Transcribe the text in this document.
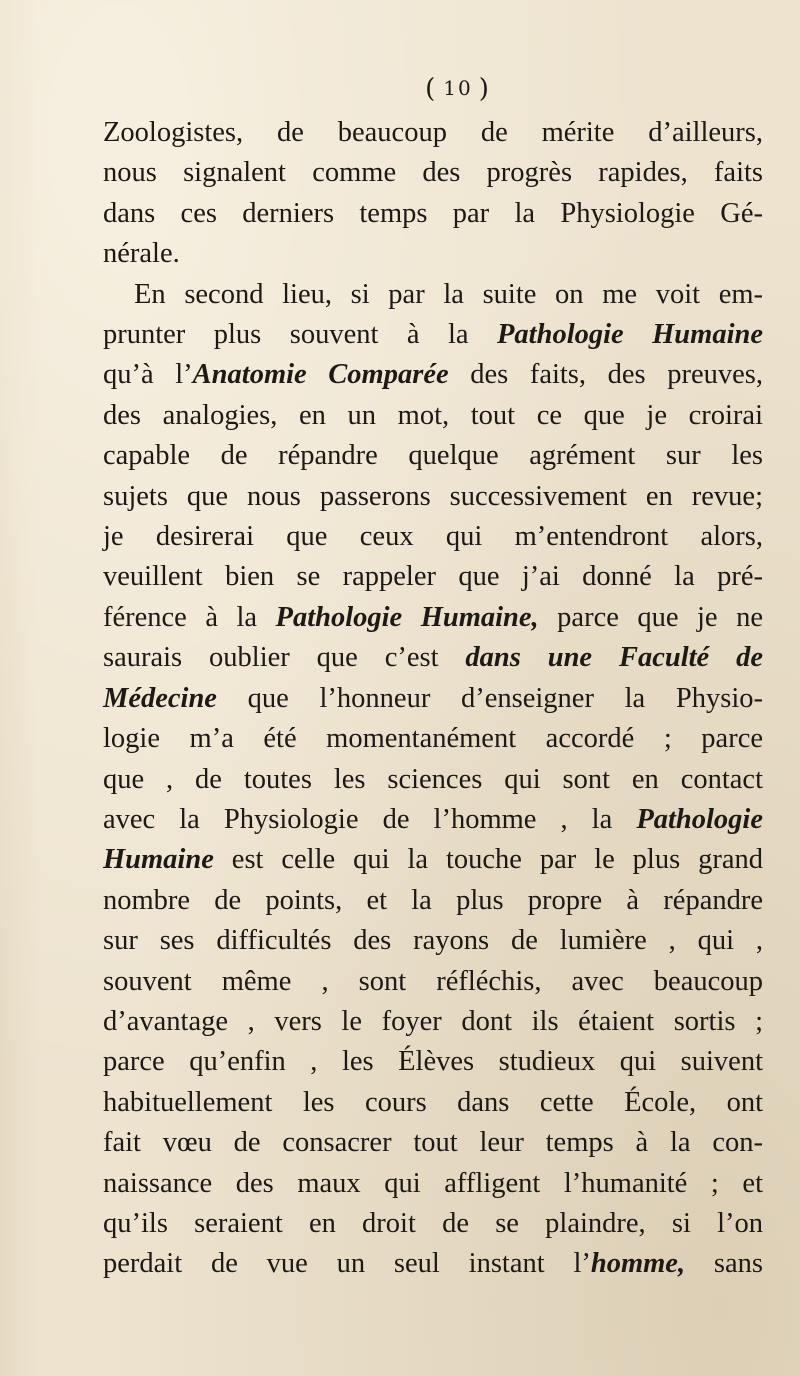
( 10 )
Zoologistes, de beaucoup de mérite d’ailleurs,
nous signalent comme des progrès rapides, faits
dans ces derniers temps par la Physiologie Gé-
nérale.
En second lieu, si par la suite on me voit em-
prunter plus souvent à la Pathologie Humaine
qu’à l’Anatomie Comparée des faits, des preuves,
des analogies, en un mot, tout ce que je croirai
capable de répandre quelque agrément sur les
sujets que nous passerons successivement en revue;
je desirerai que ceux qui m’entendront alors,
veuillent bien se rappeler que j’ai donné la pré-
férence à la Pathologie Humaine, parce que je ne
saurais oublier que c’est dans une Faculté de
Médecine que l’honneur d’enseigner la Physio-
logie m’a été momentanément accordé ; parce
que , de toutes les sciences qui sont en contact
avec la Physiologie de l’homme , la Pathologie
Humaine est celle qui la touche par le plus grand
nombre de points, et la plus propre à répandre
sur ses difficultés des rayons de lumière , qui ,
souvent même , sont réfléchis, avec beaucoup
d’avantage , vers le foyer dont ils étaient sortis ;
parce qu’enfin , les Élèves studieux qui suivent
habituellement les cours dans cette École, ont
fait vœu de consacrer tout leur temps à la con-
naissance des maux qui affligent l’humanité ; et
qu’ils seraient en droit de se plaindre, si l’on
perdait de vue un seul instant l’homme, sans
